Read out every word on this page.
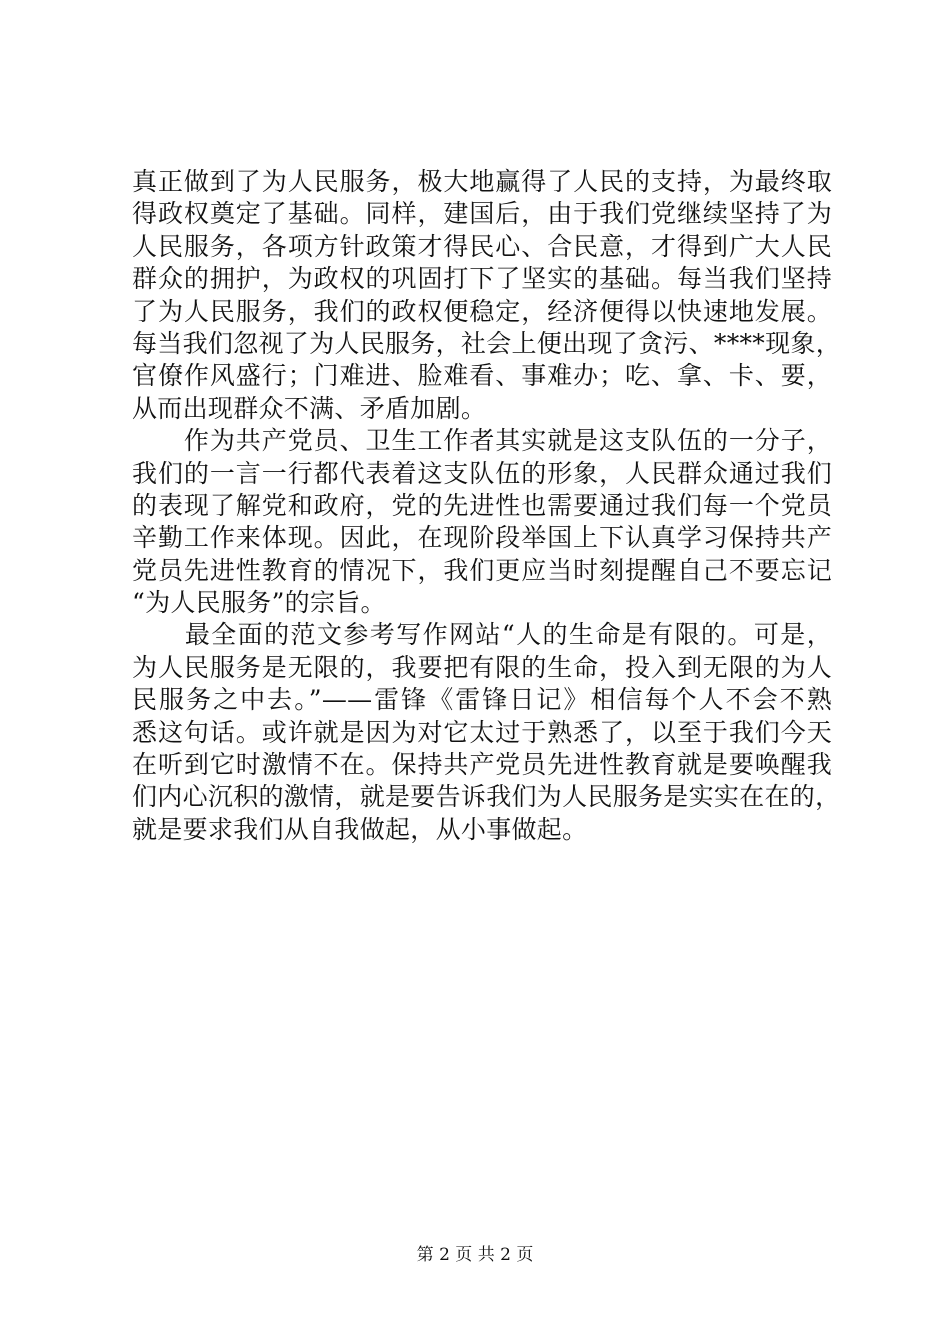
真正做到了为人民服务，极大地赢得了人民的支持，为最终取
得政权奠定了基础。同样，建国后，由于我们党继续坚持了为
人民服务，各项方针政策才得民心、合民意，才得到广大人民
群众的拥护，为政权的巩固打下了坚实的基础。每当我们坚持
了为人民服务，我们的政权便稳定，经济便得以快速地发展。
每当我们忽视了为人民服务，社会上便出现了贪污、****现象，
官僚作风盛行；门难进、脸难看、事难办；吃、拿、卡、要，
从而出现群众不满、矛盾加剧。
　　作为共产党员、卫生工作者其实就是这支队伍的一分子，
我们的一言一行都代表着这支队伍的形象，人民群众通过我们
的表现了解党和政府，党的先进性也需要通过我们每一个党员
辛勤工作来体现。因此，在现阶段举国上下认真学习保持共产
党员先进性教育的情况下，我们更应当时刻提醒自己不要忘记
“为人民服务”的宗旨。
　　最全面的范文参考写作网站“人的生命是有限的。可是，
为人民服务是无限的，我要把有限的生命，投入到无限的为人
民服务之中去。”——雷锋《雷锋日记》相信每个人不会不熟
悉这句话。或许就是因为对它太过于熟悉了，以至于我们今天
在听到它时激情不在。保持共产党员先进性教育就是要唤醒我
们内心沉积的激情，就是要告诉我们为人民服务是实实在在的，
就是要求我们从自我做起，从小事做起。
第 2 页 共 2 页
